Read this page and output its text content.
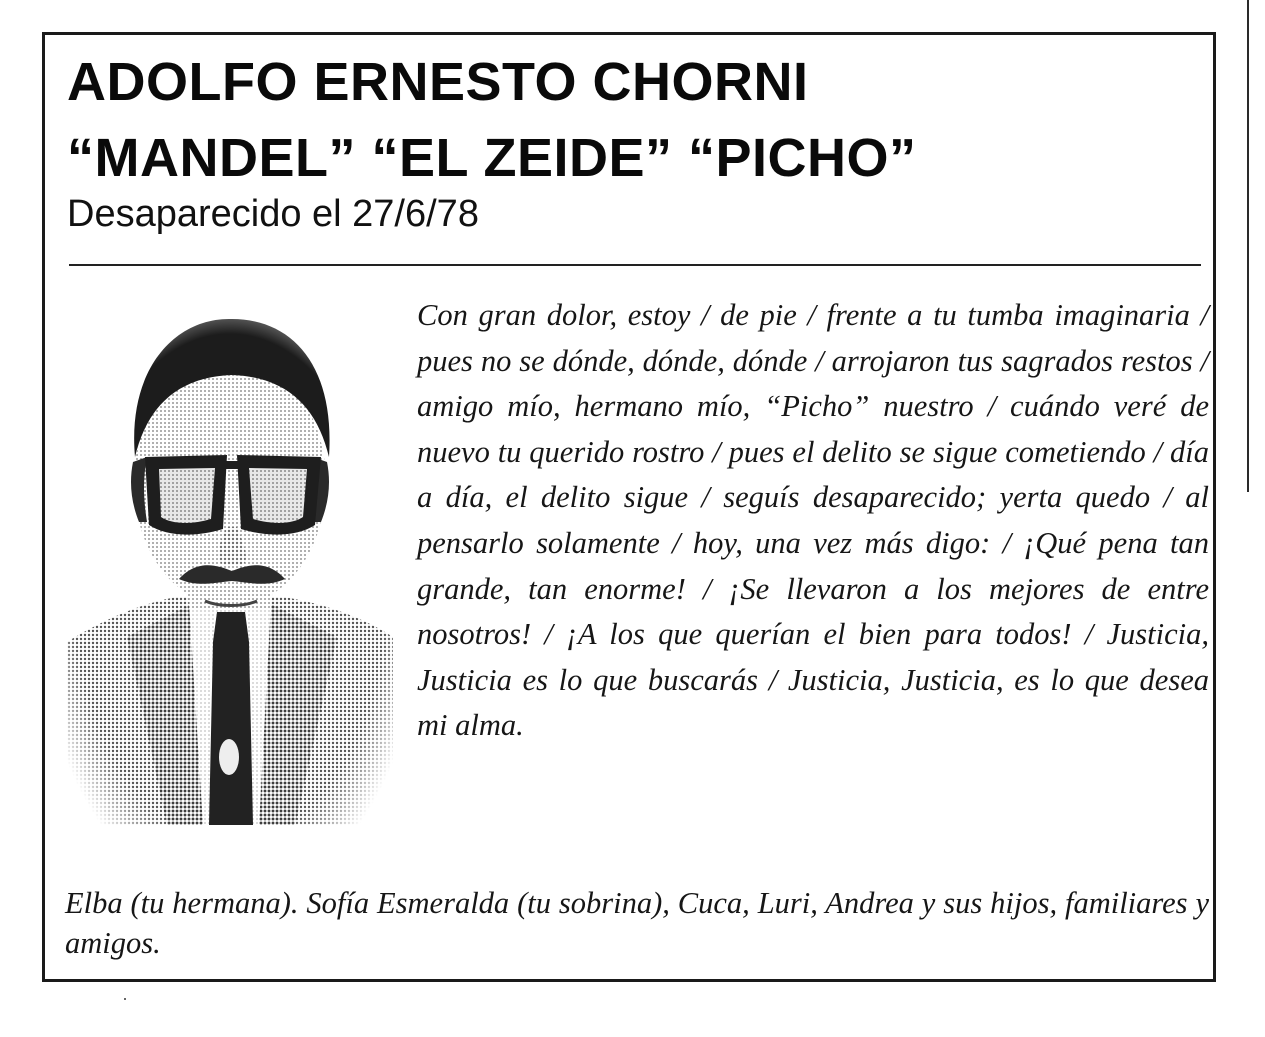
ADOLFO ERNESTO CHORNI
“MANDEL” “EL ZEIDE” “PICHO”
Desaparecido el 27/6/78

Con gran dolor, estoy / de pie / frente a tu tumba imaginaria / pues no se dónde, dónde, dónde / arrojaron tus sagrados restos / amigo mío, hermano mío, “Picho” nuestro / cuándo veré de nuevo tu querido rostro / pues el delito se sigue cometiendo / día a día, el delito sigue / seguís desaparecido; yerta quedo / al pensarlo solamente / hoy, una vez más digo: / ¡Qué pena tan grande, tan enorme! / ¡Se llevaron a los mejores de entre nosotros! / ¡A los que querían el bien para todos! / Justicia, Justicia es lo que buscarás / Justicia, Justicia, es lo que desea mi alma.

Elba (tu hermana). Sofía Esmeralda (tu sobrina), Cuca, Luri, Andrea y sus hijos, familiares y amigos.
